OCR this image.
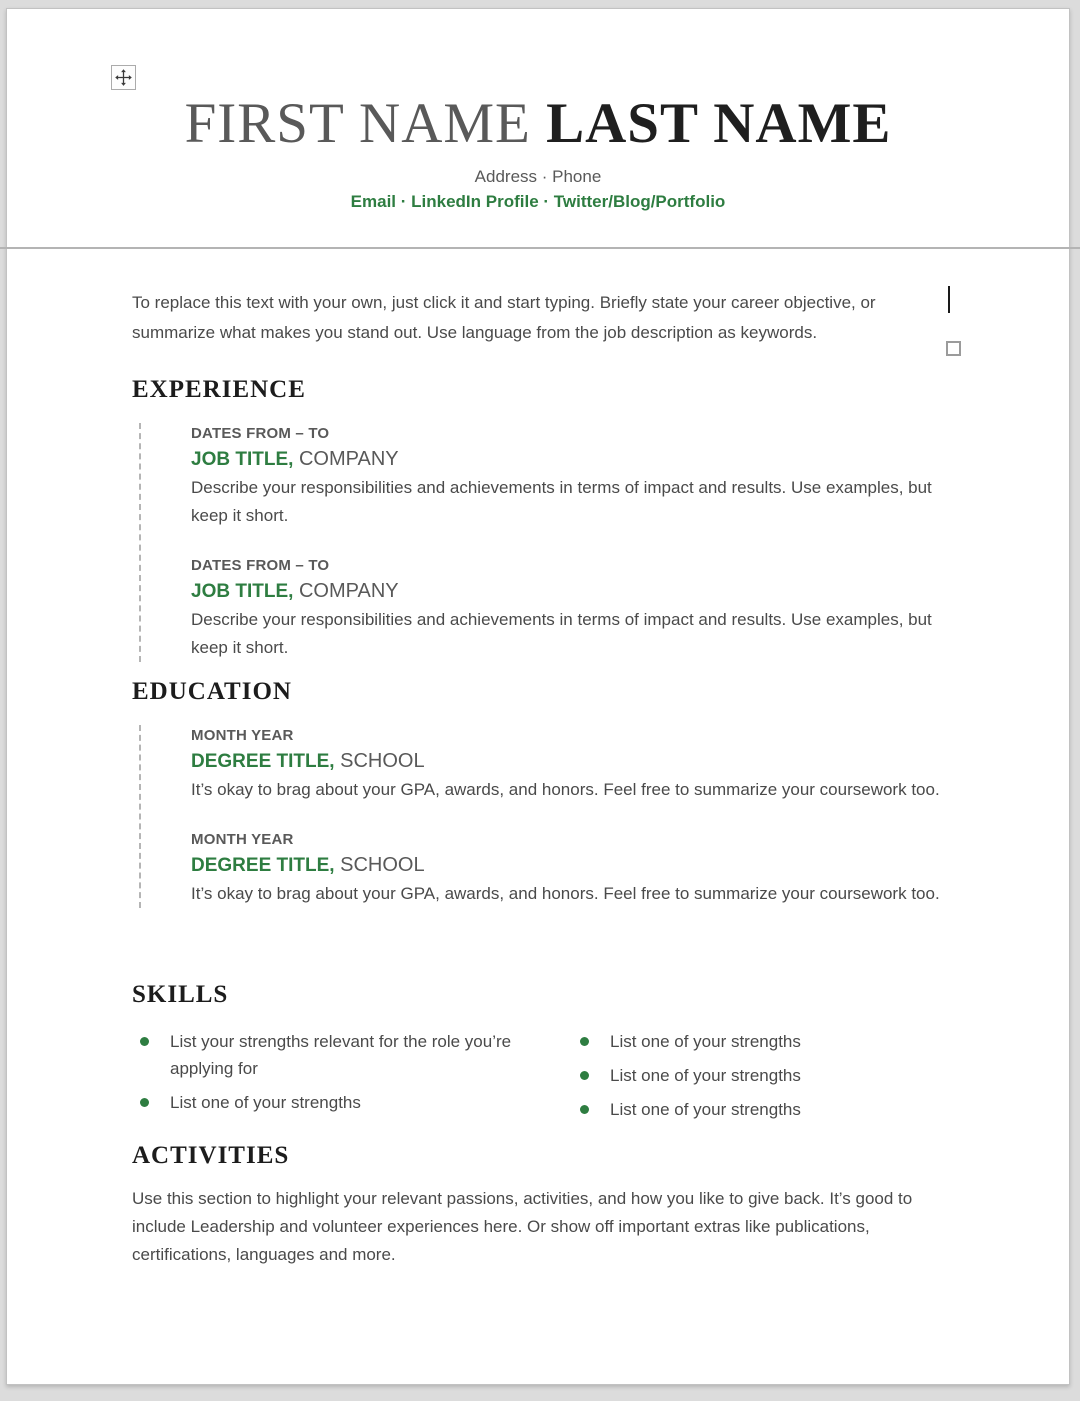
FIRST NAME LAST NAME
Address · Phone
Email · LinkedIn Profile · Twitter/Blog/Portfolio

To replace this text with your own, just click it and start typing. Briefly state your career objective, or summarize what makes you stand out. Use language from the job description as keywords.

EXPERIENCE
DATES FROM – TO
JOB TITLE, COMPANY

Describe your responsibilities and achievements in terms of impact and results. Use examples, but keep it short.

DATES FROM – TO
JOB TITLE, COMPANY

Describe your responsibilities and achievements in terms of impact and results. Use examples, but keep it short.

EDUCATION
MONTH YEAR
DEGREE TITLE, SCHOOL

It’s okay to brag about your GPA, awards, and honors. Feel free to summarize your coursework too.

MONTH YEAR
DEGREE TITLE, SCHOOL

It’s okay to brag about your GPA, awards, and honors. Feel free to summarize your coursework too.

SKILLS
List your strengths relevant for the role you’re applying for
List one of your strengths
List one of your strengths
List one of your strengths
List one of your strengths
ACTIVITIES

Use this section to highlight your relevant passions, activities, and how you like to give back. It’s good to include Leadership and volunteer experiences here. Or show off important extras like publications, certifications, languages and more.
